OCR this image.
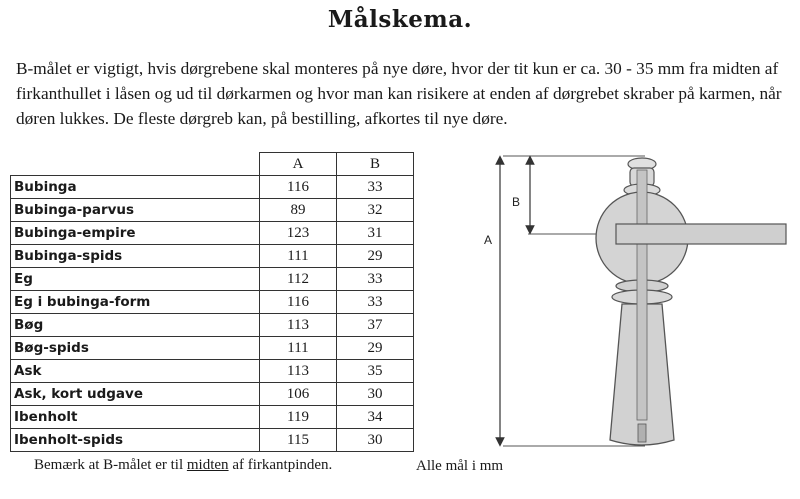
Målskema.
B-målet er vigtigt, hvis dørgrebene skal monteres på nye døre, hvor der tit kun er ca. 30 - 35 mm fra midten af firkanthullet i låsen og ud til dørkarmen og hvor man kan risikere at enden af dørgrebet skraber på karmen, når døren lukkes. De fleste dørgreb kan, på bestilling, afkortes til nye døre.
	A	B
Bubinga	116	33
Bubinga-parvus	89	32
Bubinga-empire	123	31
Bubinga-spids	111	29
Eg	112	33
Eg i bubinga-form	116	33
Bøg	113	37
Bøg-spids	111	29
Ask	113	35
Ask, kort udgave	106	30
Ibenholt	119	34
Ibenholt-spids	115	30
Bemærk at B-målet er til midten af firkantpinden.	Alle mål i mm
A
B
